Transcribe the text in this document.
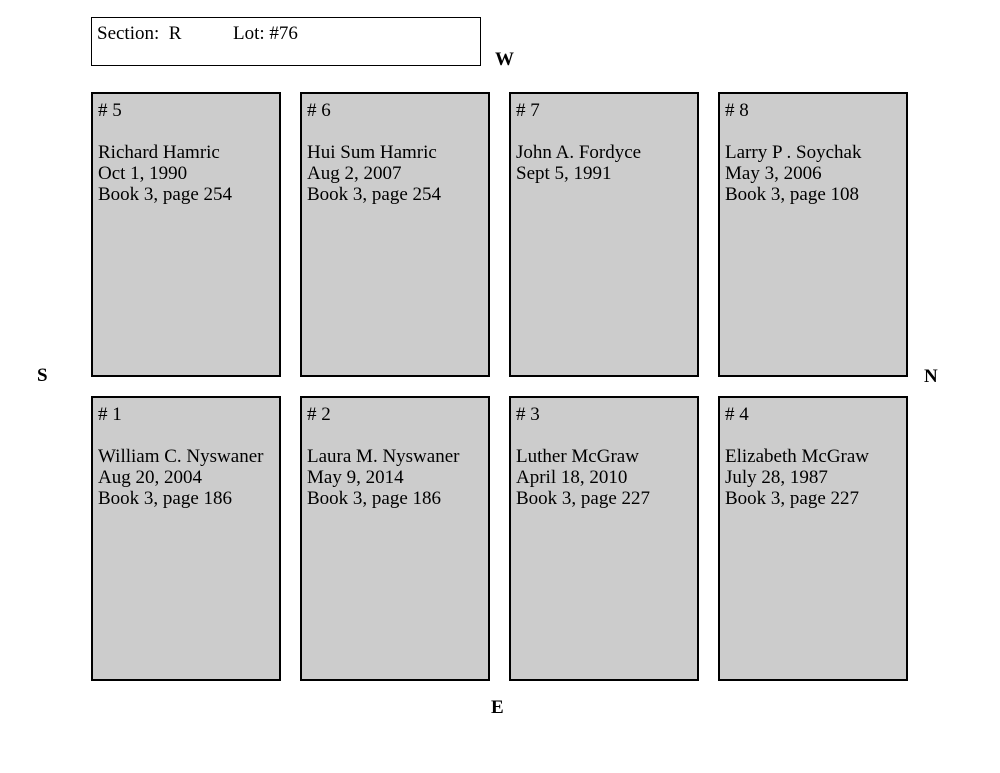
Section:  R	Lot: #76
W
S	N
E
# 5
Richard Hamric
Oct 1, 1990
Book 3, page 254
# 6
Hui Sum Hamric
Aug 2, 2007
Book 3, page 254
# 7
John A. Fordyce
Sept 5, 1991
# 8
Larry P . Soychak
May 3, 2006
Book 3, page 108
# 1
William C. Nyswaner
Aug 20, 2004
Book 3, page 186
# 2
Laura M. Nyswaner
May 9, 2014
Book 3, page 186
# 3
Luther McGraw
April 18, 2010
Book 3, page 227
# 4
Elizabeth McGraw
July 28, 1987
Book 3, page 227
